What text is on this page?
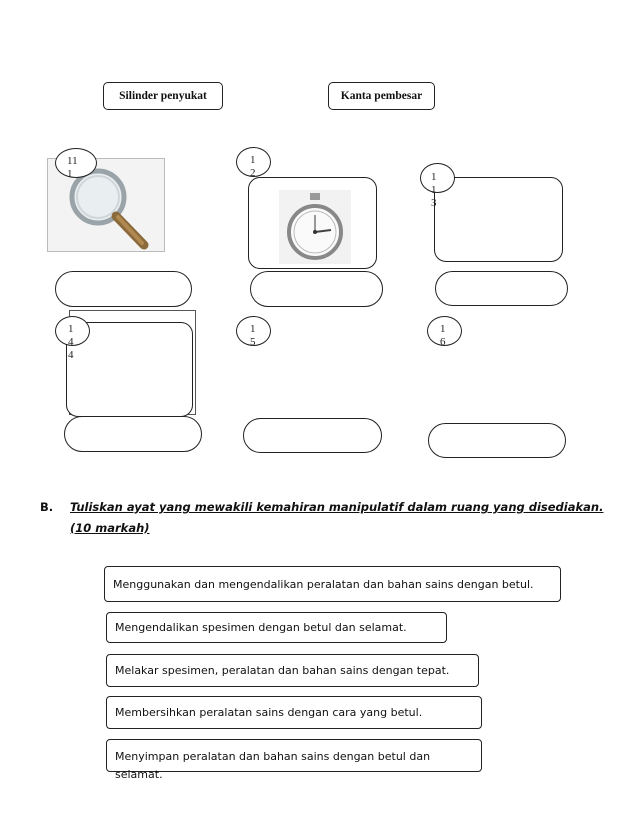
Silinder penyukat	Kanta pembesar
11
1
1
2	1
1
3
1
4
4
1
5
1
6
B. Tuliskan ayat yang mewakili kemahiran manipulatif dalam ruang yang disediakan.
(10 markah)
Menggunakan dan mengendalikan peralatan dan bahan sains dengan betul.
Mengendalikan spesimen dengan betul dan selamat.
Melakar spesimen, peralatan dan bahan sains dengan tepat.
Membersihkan peralatan sains dengan cara yang betul.
Menyimpan peralatan dan bahan sains dengan betul dan selamat.
